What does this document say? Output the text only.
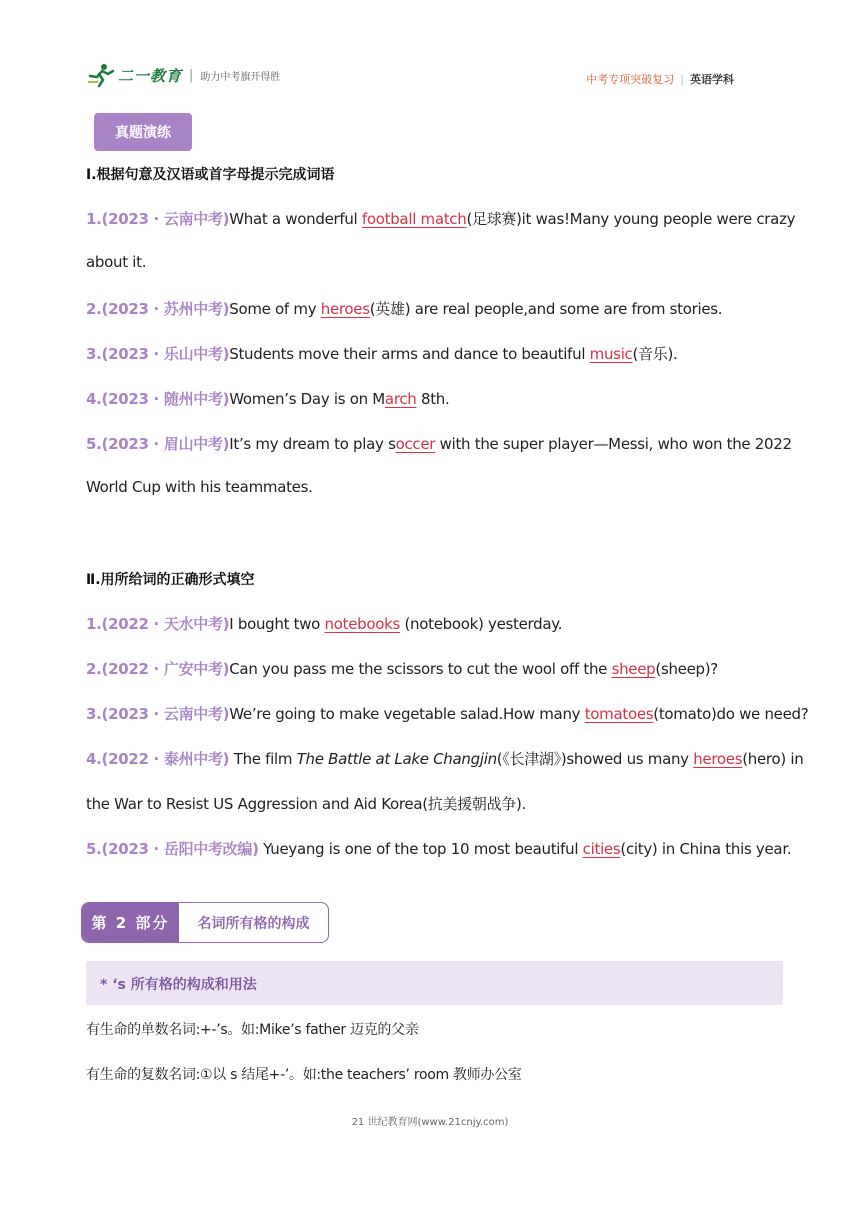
二一教育 | 助力中考旗开得胜	中考专项突破复习 | 英语学科
真题演练
Ⅰ.根据句意及汉语或首字母提示完成词语
1.(2023 · 云南中考)What a wonderful football match(足球赛)it was!Many young people were crazy
about it.
2.(2023 · 苏州中考)Some of my heroes(英雄) are real people,and some are from stories.
3.(2023 · 乐山中考)Students move their arms and dance to beautiful music(音乐).
4.(2023 · 随州中考)Women’s Day is on March 8th.
5.(2023 · 眉山中考)It’s my dream to play soccer with the super player—Messi, who won the 2022
World Cup with his teammates.
Ⅱ.用所给词的正确形式填空
1.(2022 · 天水中考)I bought two notebooks (notebook) yesterday.
2.(2022 · 广安中考)Can you pass me the scissors to cut the wool off the sheep(sheep)?
3.(2023 · 云南中考)We’re going to make vegetable salad.How many tomatoes(tomato)do we need?
4.(2022 · 泰州中考) The film The Battle at Lake Changjin(《长津湖》)showed us many heroes(hero) in
the War to Resist US Aggression and Aid Korea(抗美援朝战争).
5.(2023 · 岳阳中考改编) Yueyang is one of the top 10 most beautiful cities(city) in China this year.
第 2 部分	名词所有格的构成
* ‘s 所有格的构成和用法
有生命的单数名词:+-’s。如:Mike’s father 迈克的父亲
有生命的复数名词:①以 s 结尾+-’。如:the teachers’ room 教师办公室
21 世纪教育网(www.21cnjy.com)
